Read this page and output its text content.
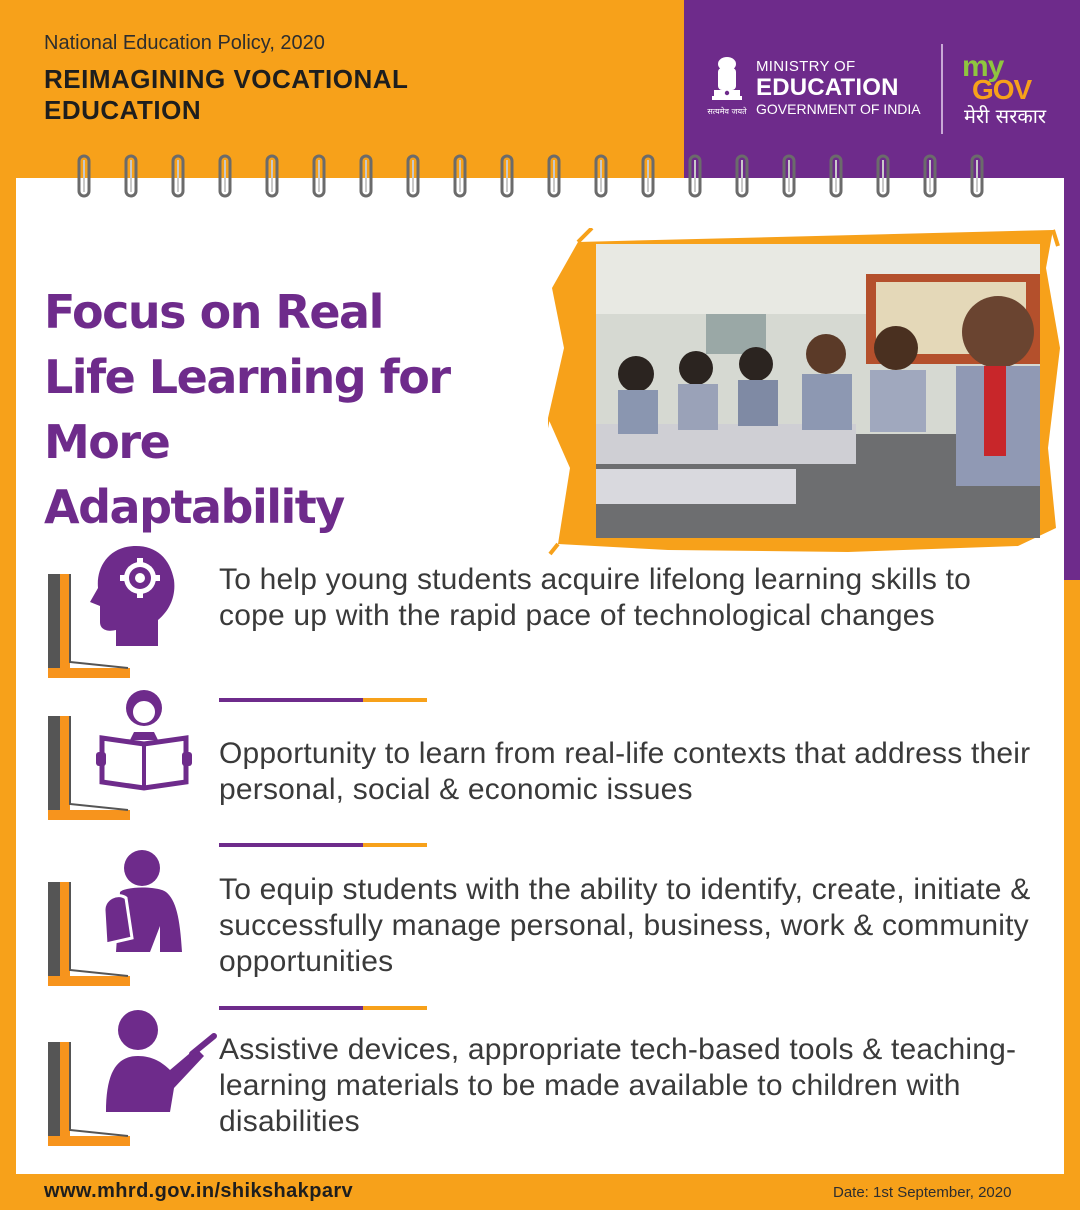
National Education Policy, 2020
REIMAGINING VOCATIONAL EDUCATION	सत्यमेव जयते
MINISTRY OF
EDUCATION
GOVERNMENT OF INDIA
my
GOV
मेरी सरकार
Focus on Real Life Learning for More Adaptability
To help young students acquire lifelong learning skills to cope up with the rapid pace of technological changes
Opportunity to learn from real-life contexts that address their personal, social & economic issues
To equip students with the ability to identify, create, initiate & successfully manage personal, business, work & community opportunities
Assistive devices, appropriate tech-based tools & teaching-learning materials to be made available to children with disabilities
www.mhrd.gov.in/shikshakparv	Date: 1st September, 2020
